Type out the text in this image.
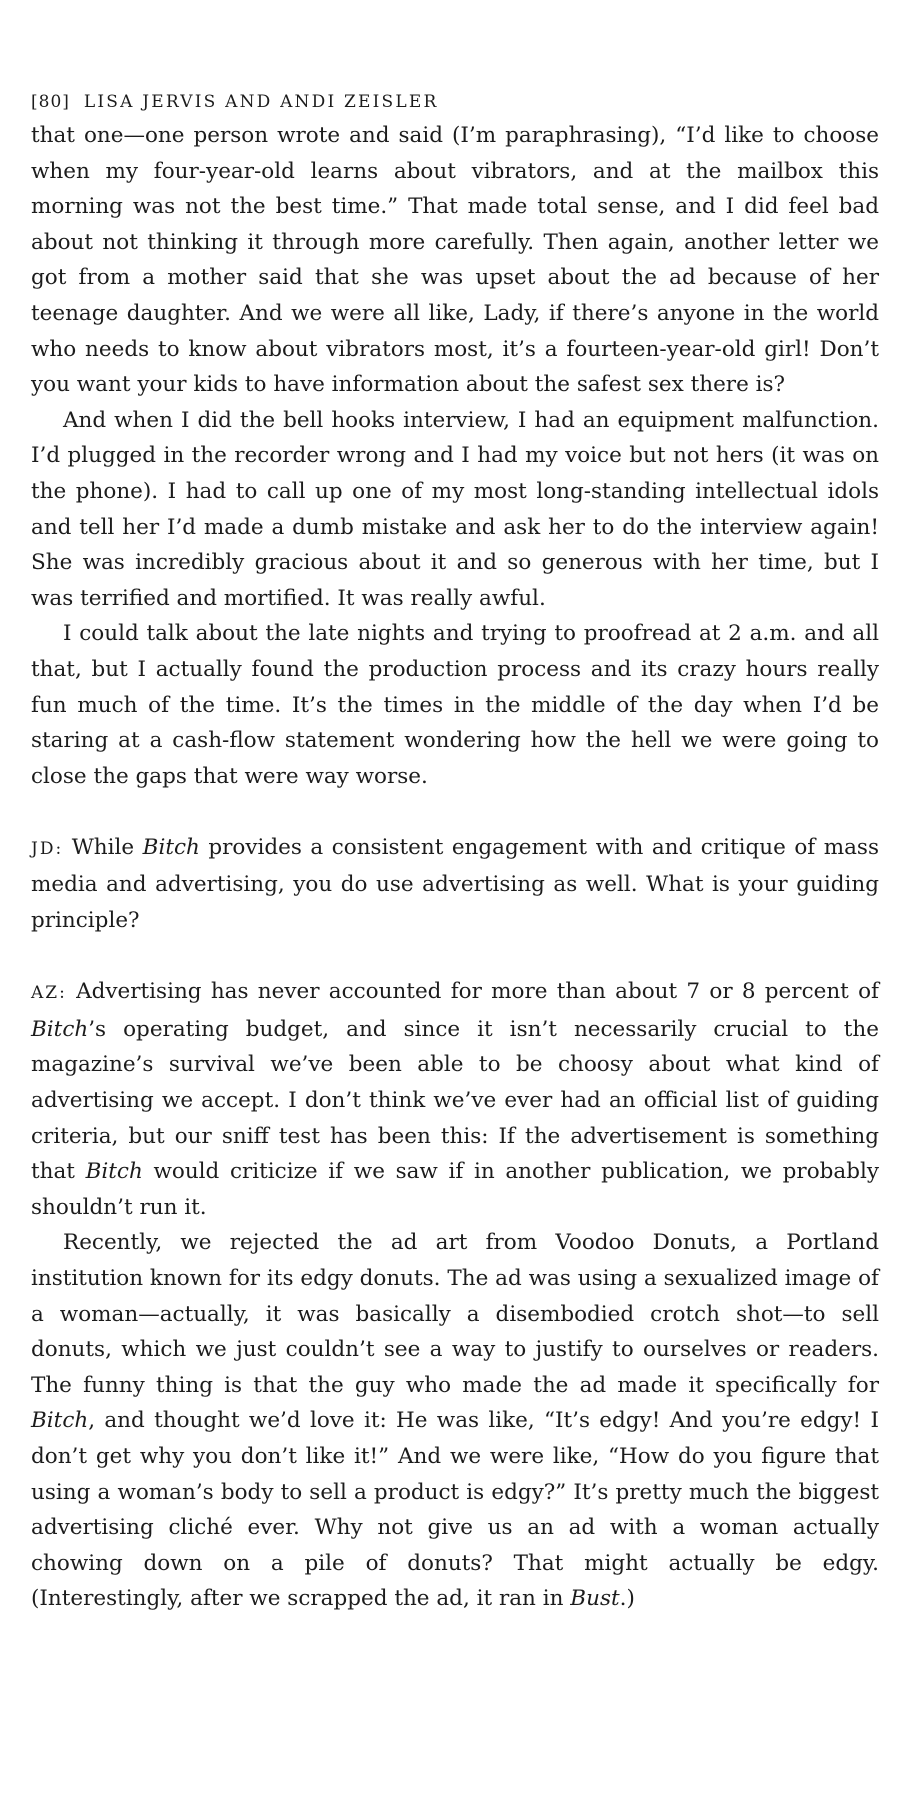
[80] LISA JERVIS AND ANDI ZEISLER

that one—one person wrote and said (I’m paraphrasing), “I’d like to choose when my four-year-old learns about vibrators, and at the mailbox this morning was not the best time.” That made total sense, and I did feel bad about not thinking it through more carefully. Then again, another letter we got from a mother said that she was upset about the ad because of her teenage daughter. And we were all like, Lady, if there’s anyone in the world who needs to know about vibrators most, it’s a fourteen-year-old girl! Don’t you want your kids to have information about the safest sex there is?

And when I did the bell hooks interview, I had an equipment malfunction. I’d plugged in the recorder wrong and I had my voice but not hers (it was on the phone). I had to call up one of my most long-standing intellectual idols and tell her I’d made a dumb mistake and ask her to do the interview again! She was incredibly gracious about it and so generous with her time, but I was terrified and mortified. It was really awful.

I could talk about the late nights and trying to proofread at 2 a.m. and all that, but I actually found the production process and its crazy hours really fun much of the time. It’s the times in the middle of the day when I’d be staring at a cash-flow statement wondering how the hell we were going to close the gaps that were way worse.

JD: While Bitch provides a consistent engagement with and critique of mass media and advertising, you do use advertising as well. What is your guiding principle?

AZ: Advertising has never accounted for more than about 7 or 8 percent of Bitch’s operating budget, and since it isn’t necessarily crucial to the magazine’s survival we’ve been able to be choosy about what kind of advertising we accept. I don’t think we’ve ever had an official list of guiding criteria, but our sniff test has been this: If the advertisement is something that Bitch would criticize if we saw if in another publication, we probably shouldn’t run it.

Recently, we rejected the ad art from Voodoo Donuts, a Portland institution known for its edgy donuts. The ad was using a sexualized image of a woman—actually, it was basically a disembodied crotch shot—to sell donuts, which we just couldn’t see a way to justify to ourselves or readers. The funny thing is that the guy who made the ad made it specifically for Bitch, and thought we’d love it: He was like, “It’s edgy! And you’re edgy! I don’t get why you don’t like it!” And we were like, “How do you figure that using a woman’s body to sell a product is edgy?” It’s pretty much the biggest advertising cliché ever. Why not give us an ad with a woman actually chowing down on a pile of donuts? That might actually be edgy. (Interestingly, after we scrapped the ad, it ran in Bust.)
